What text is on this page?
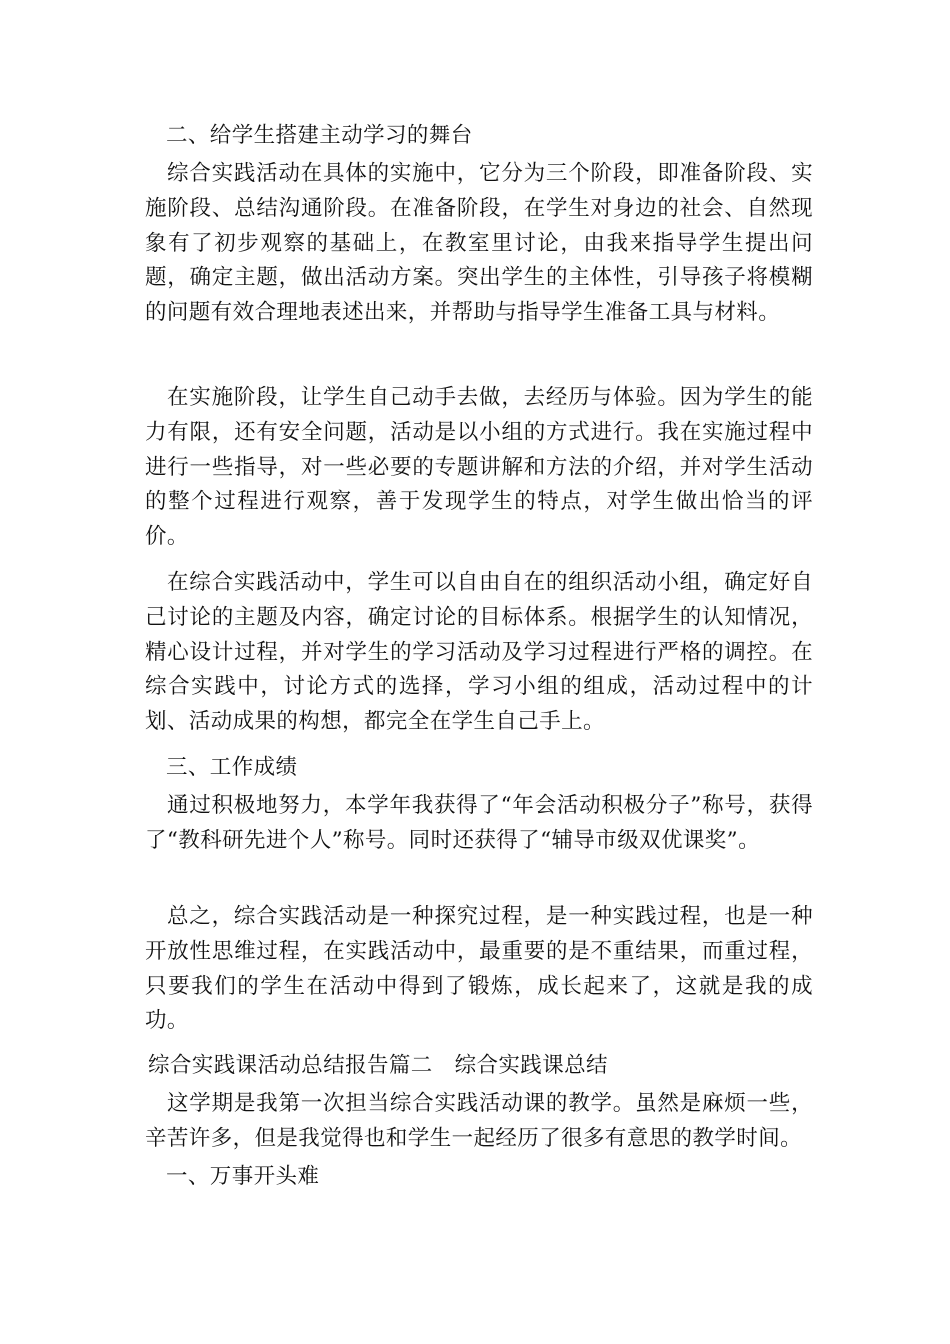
二、给学生搭建主动学习的舞台

综合实践活动在具体的实施中，它分为三个阶段，即准备阶段、实施阶段、总结沟通阶段。在准备阶段，在学生对身边的社会、自然现象有了初步观察的基础上，在教室里讨论，由我来指导学生提出问题，确定主题，做出活动方案。突出学生的主体性，引导孩子将模糊的问题有效合理地表述出来，并帮助与指导学生准备工具与材料。

在实施阶段，让学生自己动手去做，去经历与体验。因为学生的能力有限，还有安全问题，活动是以小组的方式进行。我在实施过程中进行一些指导，对一些必要的专题讲解和方法的介绍，并对学生活动的整个过程进行观察，善于发现学生的特点，对学生做出恰当的评价。

在综合实践活动中，学生可以自由自在的组织活动小组，确定好自己讨论的主题及内容，确定讨论的目标体系。根据学生的认知情况，精心设计过程，并对学生的学习活动及学习过程进行严格的调控。在综合实践中，讨论方式的选择，学习小组的组成，活动过程中的计划、活动成果的构想，都完全在学生自己手上。

三、工作成绩

通过积极地努力，本学年我获得了“年会活动积极分子”称号，获得了“教科研先进个人”称号。同时还获得了“辅导市级双优课奖”。

总之，综合实践活动是一种探究过程，是一种实践过程，也是一种开放性思维过程，在实践活动中，最重要的是不重结果，而重过程，只要我们的学生在活动中得到了锻炼，成长起来了，这就是我的成功。

综合实践课活动总结报告篇二　综合实践课总结

这学期是我第一次担当综合实践活动课的教学。虽然是麻烦一些，辛苦许多，但是我觉得也和学生一起经历了很多有意思的教学时间。

一、万事开头难
